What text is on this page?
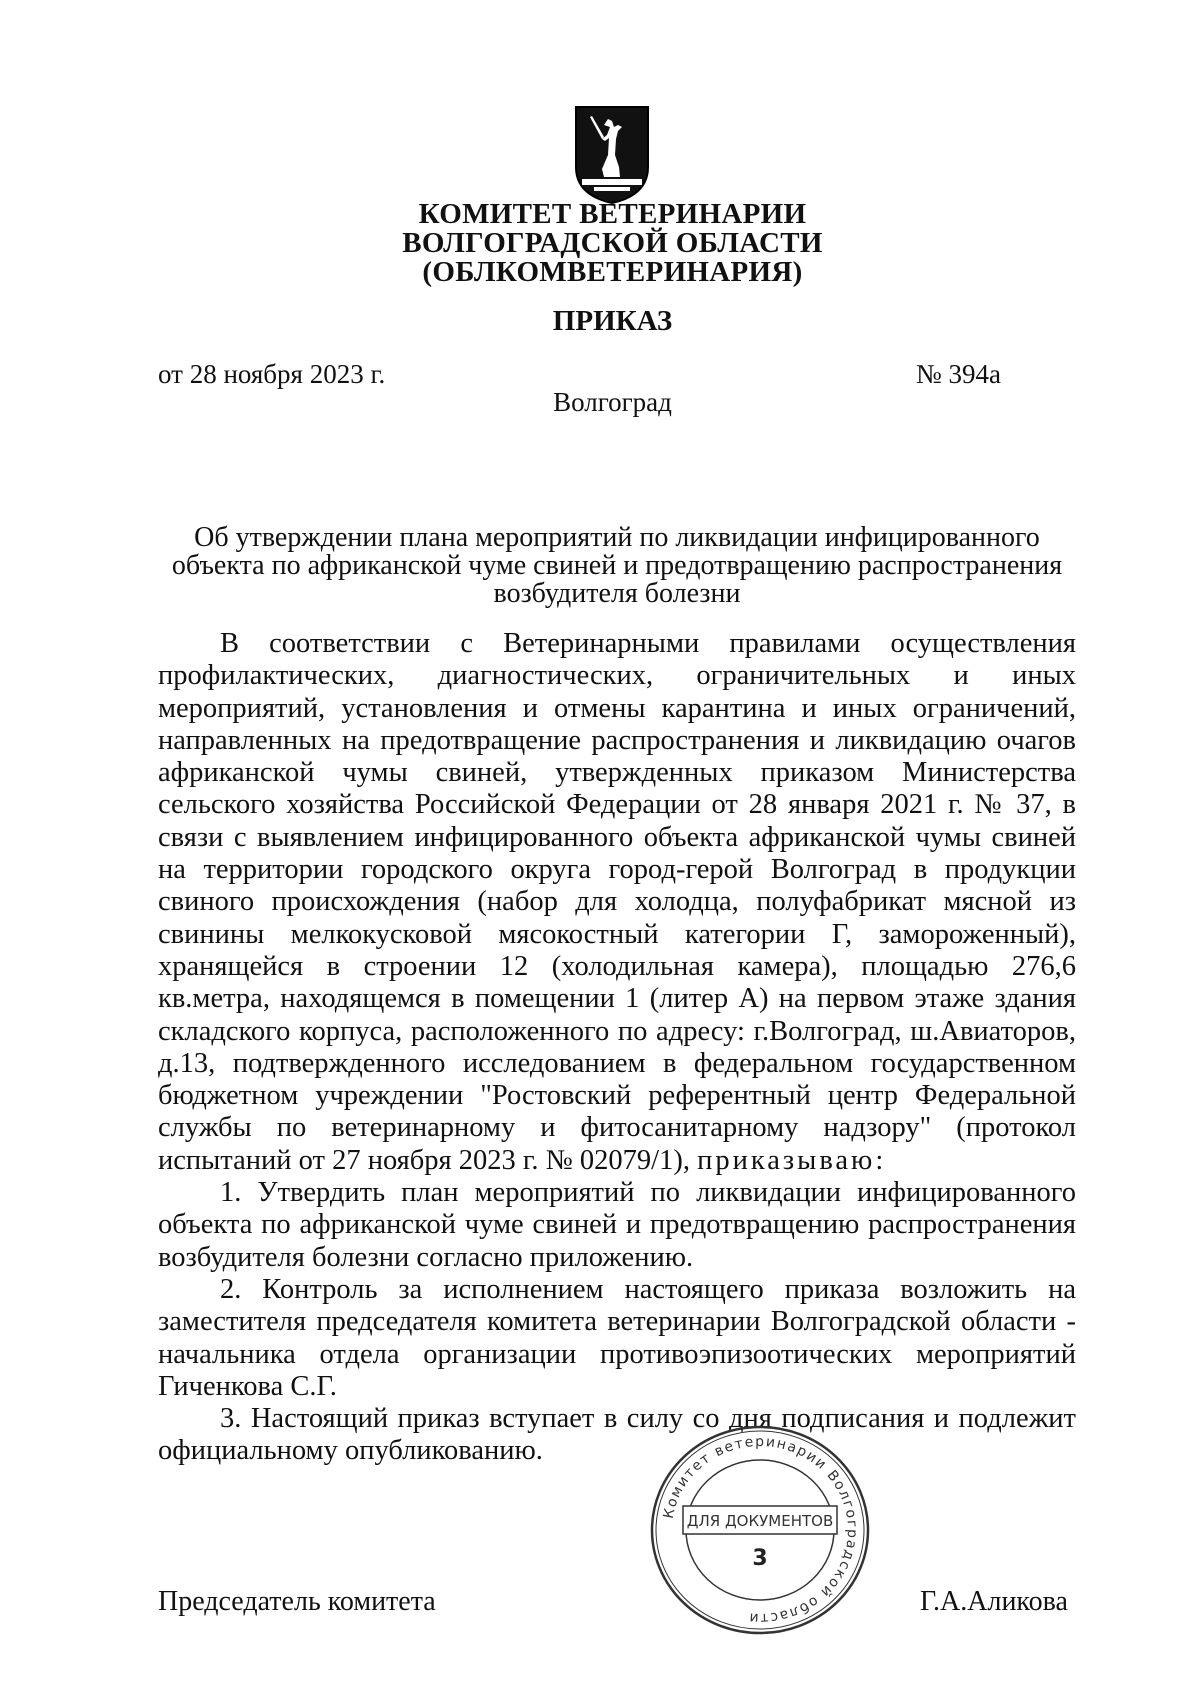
КОМИТЕТ ВЕТЕРИНАРИИ
ВОЛГОГРАДСКОЙ ОБЛАСТИ
(ОБЛКОМВЕТЕРИНАРИЯ)
ПРИКАЗ
от 28 ноября 2023 г.	№ 394а
Волгоград
Об утверждении плана мероприятий по ликвидации инфицированного
объекта по африканской чуме свиней и предотвращению распространения
возбудителя болезни

В соответствии с Ветеринарными правилами осуществления профилактических, диагностических, ограничительных и иных мероприятий, установления и отмены карантина и иных ограничений, направленных на предотвращение распространения и ликвидацию очагов африканской чумы свиней, утвержденных приказом Министерства сельского хозяйства Российской Федерации от 28 января 2021 г. № 37, в связи с выявлением инфицированного объекта африканской чумы свиней на территории городского округа город-герой Волгоград в продукции свиного происхождения (набор для холодца, полуфабрикат мясной из свинины мелкокусковой мясокостный категории Г, замороженный), хранящейся в строении 12 (холодильная камера), площадью 276,6 кв.метра, находящемся в помещении 1 (литер А) на первом этаже здания складского корпуса, расположенного по адресу: г.Волгоград, ш.Авиаторов, д.13, подтвержденного исследованием в федеральном государственном бюджетном учреждении "Ростовский референтный центр Федеральной службы по ветеринарному и фитосанитарному надзору" (протокол испытаний от 27 ноября 2023 г. № 02079/1), приказываю:

1. Утвердить план мероприятий по ликвидации инфицированного объекта по африканской чуме свиней и предотвращению распространения возбудителя болезни согласно приложению.

2. Контроль за исполнением настоящего приказа возложить на заместителя председателя комитета ветеринарии Волгоградской области - начальника отдела организации противоэпизоотических мероприятий Гиченкова С.Г.

3. Настоящий приказ вступает в силу со дня подписания и подлежит официальному опубликованию.

Председатель комитета	Г.А.Аликова
Комитет ветеринарии Волгоградской области
ДЛЯ ДОКУМЕНТОВ
3
